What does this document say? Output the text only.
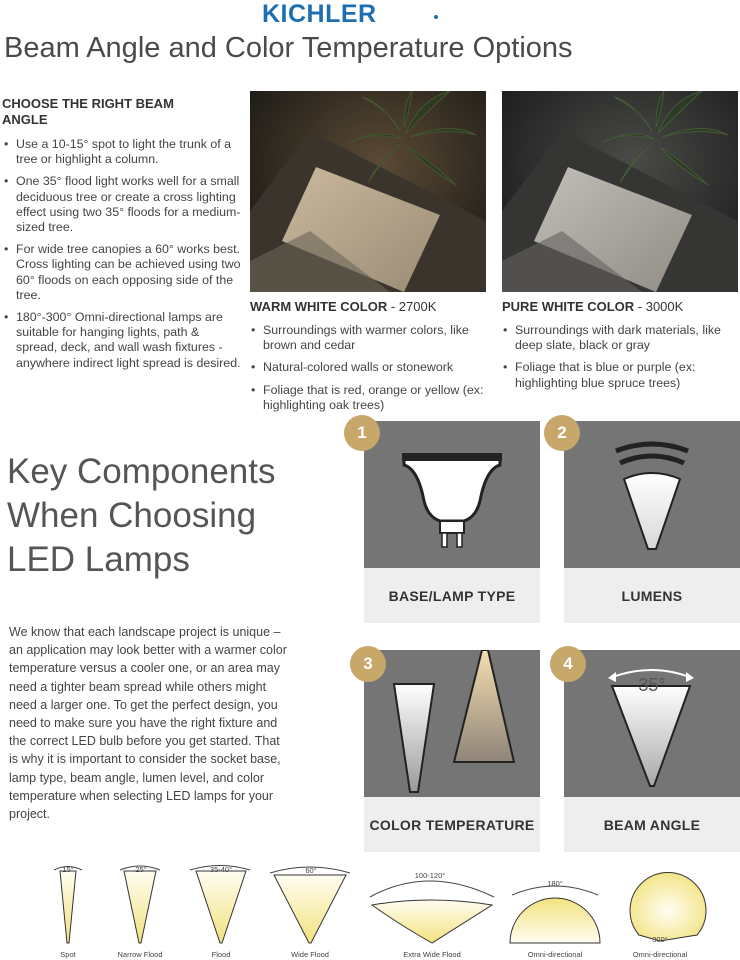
KICHLER
Beam Angle and Color Temperature Options
CHOOSE THE RIGHT BEAM ANGLE
• Use a 10-15° spot to light the trunk of a tree or highlight a column.
• One 35° flood light works well for a small deciduous tree or create a cross lighting effect using two 35° floods for a medium-sized tree.
• For wide tree canopies a 60° works best. Cross lighting can be achieved using two 60° floods on each opposing side of the tree.
• 180°-300° Omni-directional lamps are suitable for hanging lights, path & spread, deck, and wall wash fixtures - anywhere indirect light spread is desired.
WARM WHITE COLOR - 2700K
• Surroundings with warmer colors, like brown and cedar
• Natural-colored walls or stonework
• Foliage that is red, orange or yellow (ex: highlighting oak trees)
PURE WHITE COLOR - 3000K
• Surroundings with dark materials, like deep slate, black or gray
• Foliage that is blue or purple (ex: highlighting blue spruce trees)
Key Components
When Choosing
LED Lamps

We know that each landscape project is unique – an application may look better with a warmer color temperature versus a cooler one, or an area may need a tighter beam spread while others might need a larger one. To get the perfect design, you need to make sure you have the right fixture and the correct LED bulb before you get started. That is why it is important to consider the socket base, lamp type, beam angle, lumen level, and color temperature when selecting LED lamps for your project.

BASE/LAMP TYPE
1
LUMENS
2
COLOR TEMPERATURE
3
35°
BEAM ANGLE
4
15°	25°	35-40°	60°
100-120°
180°
300°
Spot	Narrow Flood	Flood	Wide Flood	Extra Wide Flood	Omni-directional	Omni-directional
